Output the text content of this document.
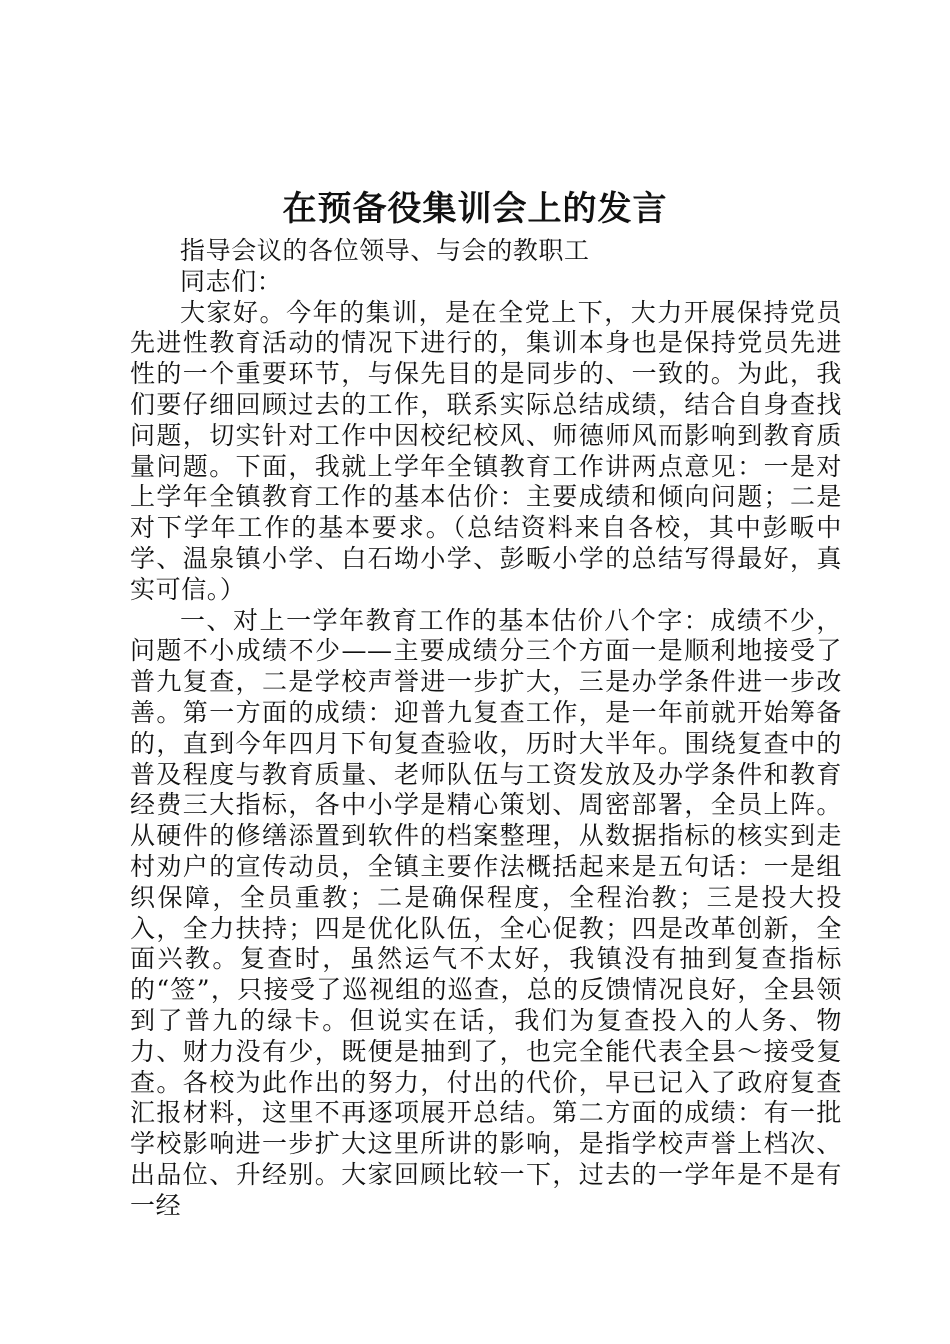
在预备役集训会上的发言

指导会议的各位领导、与会的教职工

同志们：

大家好。今年的集训，是在全党上下，大力开展保持党员先进性教育活动的情况下进行的，集训本身也是保持党员先进性的一个重要环节，与保先目的是同步的、一致的。为此，我们要仔细回顾过去的工作，联系实际总结成绩，结合自身查找问题，切实针对工作中因校纪校风、师德师风而影响到教育质量问题。下面，我就上学年全镇教育工作讲两点意见：一是对上学年全镇教育工作的基本估价：主要成绩和倾向问题；二是对下学年工作的基本要求。（总结资料来自各校，其中彭畈中学、温泉镇小学、白石坳小学、彭畈小学的总结写得最好，真实可信。）

一、对上一学年教育工作的基本估价八个字：成绩不少，问题不小成绩不少——主要成绩分三个方面一是顺利地接受了普九复查，二是学校声誉进一步扩大，三是办学条件进一步改善。第一方面的成绩：迎普九复查工作，是一年前就开始筹备的，直到今年四月下旬复查验收，历时大半年。围绕复查中的普及程度与教育质量、老师队伍与工资发放及办学条件和教育经费三大指标，各中小学是精心策划、周密部署，全员上阵。从硬件的修缮添置到软件的档案整理，从数据指标的核实到走村劝户的宣传动员，全镇主要作法概括起来是五句话：一是组织保障，全员重教；二是确保程度，全程治教；三是投大投入，全力扶持；四是优化队伍，全心促教；四是改革创新，全面兴教。复查时，虽然运气不太好，我镇没有抽到复查指标的“签”，只接受了巡视组的巡查，总的反馈情况良好，全县领到了普九的绿卡。但说实在话，我们为复查投入的人务、物力、财力没有少，既便是抽到了，也完全能代表全县～接受复查。各校为此作出的努力，付出的代价，早已记入了政府复查汇报材料，这里不再逐项展开总结。第二方面的成绩：有一批学校影响进一步扩大这里所讲的影响，是指学校声誉上档次、出品位、升经别。大家回顾比较一下，过去的一学年是不是有一经
